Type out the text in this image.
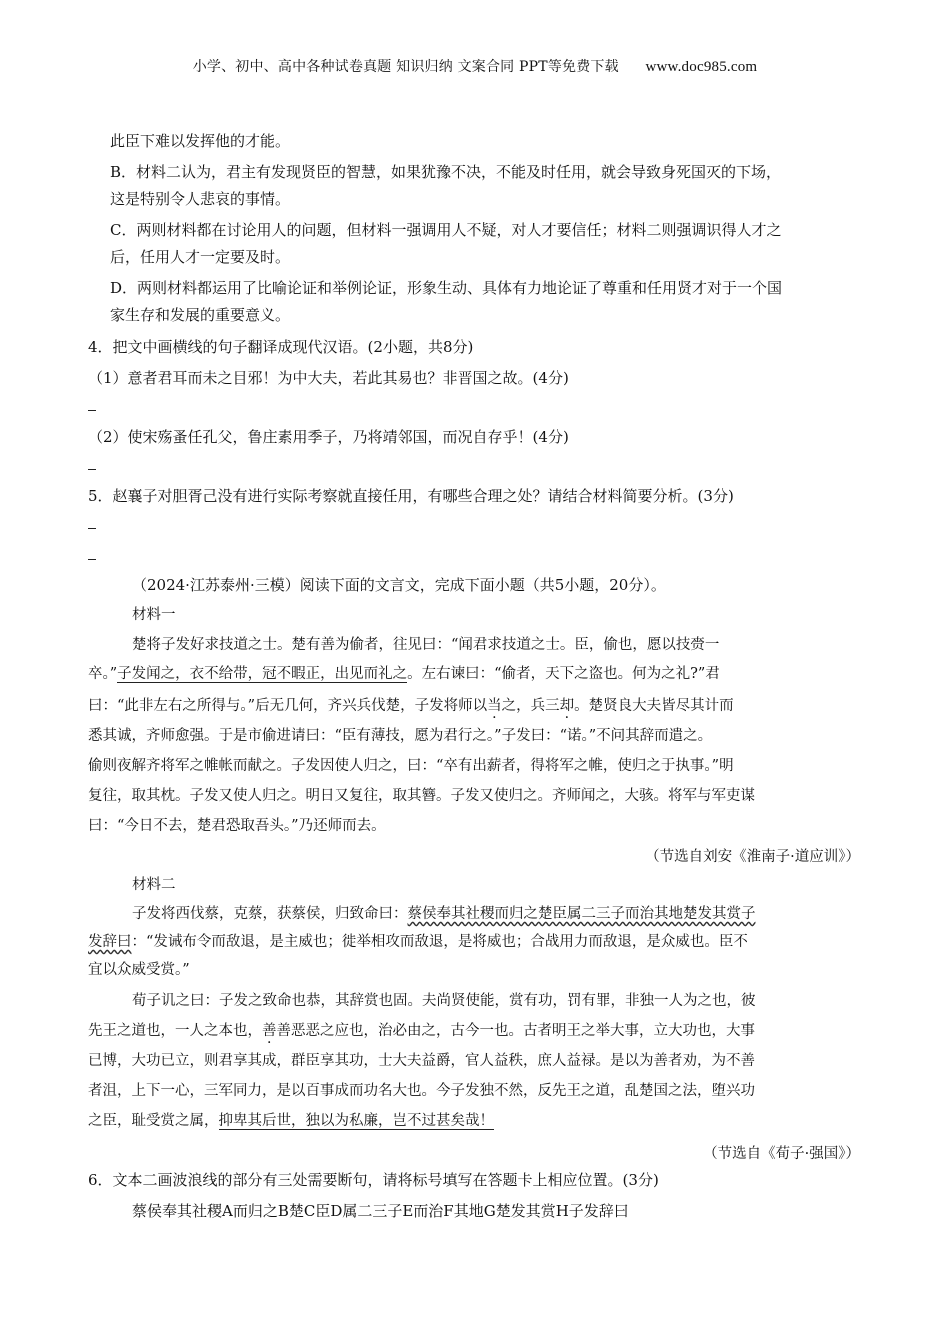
小学、初中、高中各种试卷真题 知识归纳 文案合同 PPT等免费下载 www.doc985.com
此臣下难以发挥他的才能。
B．材料二认为，君主有发现贤臣的智慧，如果犹豫不决，不能及时任用，就会导致身死国灭的下场，
这是特别令人悲哀的事情。
C．两则材料都在讨论用人的问题，但材料一强调用人不疑，对人才要信任；材料二则强调识得人才之
后，任用人才一定要及时。
D．两则材料都运用了比喻论证和举例论证，形象生动、具体有力地论证了尊重和任用贤才对于一个国
家生存和发展的重要意义。
4．把文中画横线的句子翻译成现代汉语。(2小题，共8分)
（1）意者君耳而未之目邪！为中大夫，若此其易也？非晋国之故。(4分)
（2）使宋殇蚤任孔父，鲁庄素用季子，乃将靖邻国，而况自存乎！(4分)
5．赵襄子对胆胥己没有进行实际考察就直接任用，有哪些合理之处？请结合材料简要分析。(3分)
（2024·江苏泰州·三模）阅读下面的文言文，完成下面小题（共5小题，20分）。
材料一
楚将子发好求技道之士。楚有善为偷者，往见曰：“闻君求技道之士。臣，偷也，愿以技赍一
卒。”子发闻之，衣不给带，冠不暇正，出见而礼之。左右谏曰：“偷者，天下之盗也。何为之礼?”君
曰：“此非左右之所得与。”后无几何，齐兴兵伐楚，子发将师以当之，兵三却。楚贤良大夫皆尽其计而
悉其诚，齐师愈强。于是市偷进请曰：“臣有薄技，愿为君行之。”子发曰：“诺。”不问其辞而遣之。
偷则夜解齐将军之帷帐而献之。子发因使人归之，曰：“卒有出薪者，得将军之帷，使归之于执事。”明
复往，取其枕。子发又使人归之。明日又复往，取其簪。子发又使归之。齐师闻之，大骇。将军与军吏谋
曰：“今日不去，楚君恐取吾头。”乃还师而去。
（节选自刘安《淮南子·道应训》）
材料二
子发将西伐蔡，克蔡，获蔡侯，归致命曰：蔡侯奉其社稷而归之楚臣属二三子而治其地楚发其赏子
发辞曰：“发诫布令而敌退，是主威也；徙举相攻而敌退，是将威也；合战用力而敌退，是众威也。臣不
宜以众威受赏。”
荀子讥之曰：子发之致命也恭，其辞赏也固。夫尚贤使能，赏有功，罚有罪，非独一人为之也，彼
先王之道也，一人之本也，善善恶恶之应也，治必由之，古今一也。古者明王之举大事，立大功也，大事
已博，大功已立，则君享其成，群臣享其功，士大夫益爵，官人益秩，庶人益禄。是以为善者劝，为不善
者沮，上下一心，三军同力，是以百事成而功名大也。今子发独不然，反先王之道，乱楚国之法，堕兴功
之臣，耻受赏之属，抑卑其后世，独以为私廉，岂不过甚矣哉！
（节选自《荀子·强国》）
6．文本二画波浪线的部分有三处需要断句，请将标号填写在答题卡上相应位置。(3分)
蔡侯奉其社稷A而归之B楚C臣D属二三子E而治F其地G楚发其赏H子发辞曰
